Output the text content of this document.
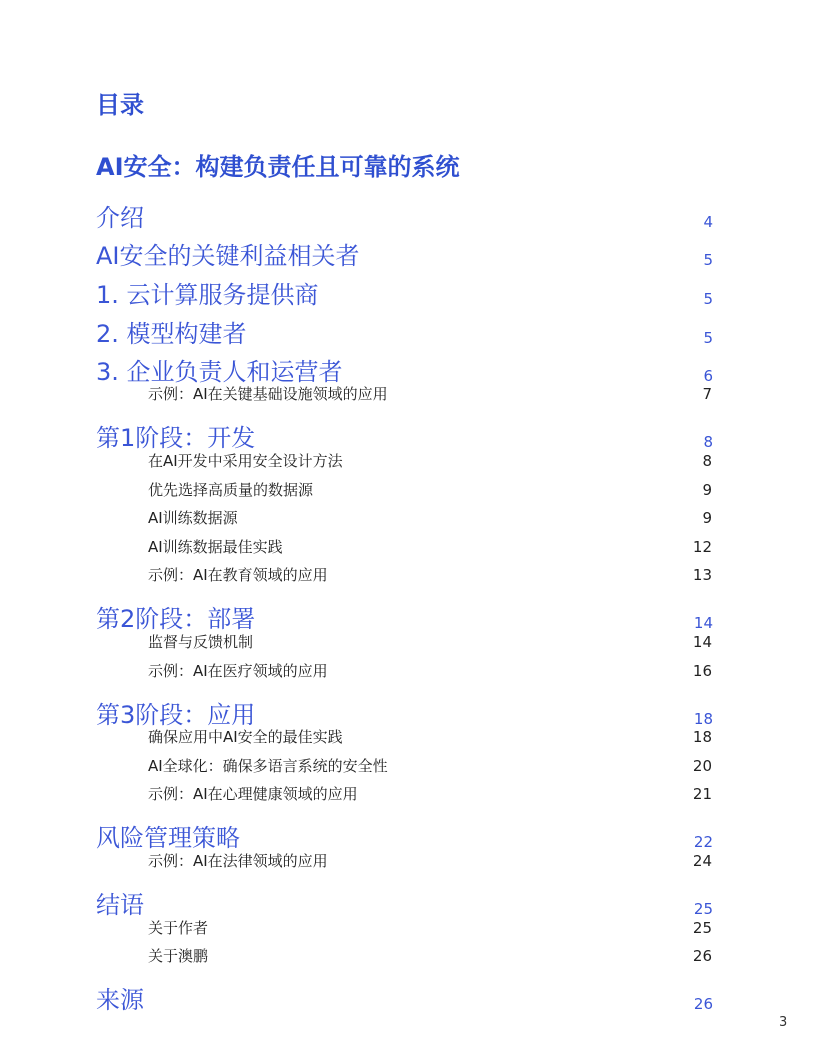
目录
AI安全：构建负责任且可靠的系统
介绍	4
AI安全的关键利益相关者	5
1. 云计算服务提供商	5
2. 模型构建者	5
3. 企业负责人和运营者	6
示例：AI在关键基础设施领域的应用	7
第1阶段：开发	8
在AI开发中采用安全设计方法	8
优先选择高质量的数据源	9
AI训练数据源	9
AI训练数据最佳实践	12
示例：AI在教育领域的应用	13
第2阶段：部署	14
监督与反馈机制	14
示例：AI在医疗领域的应用	16
第3阶段：应用	18
确保应用中AI安全的最佳实践	18
AI全球化：确保多语言系统的安全性	20
示例：AI在心理健康领域的应用	21
风险管理策略	22
示例：AI在法律领域的应用	24
结语	25
关于作者	25
关于澳鹏	26
来源	26
3
